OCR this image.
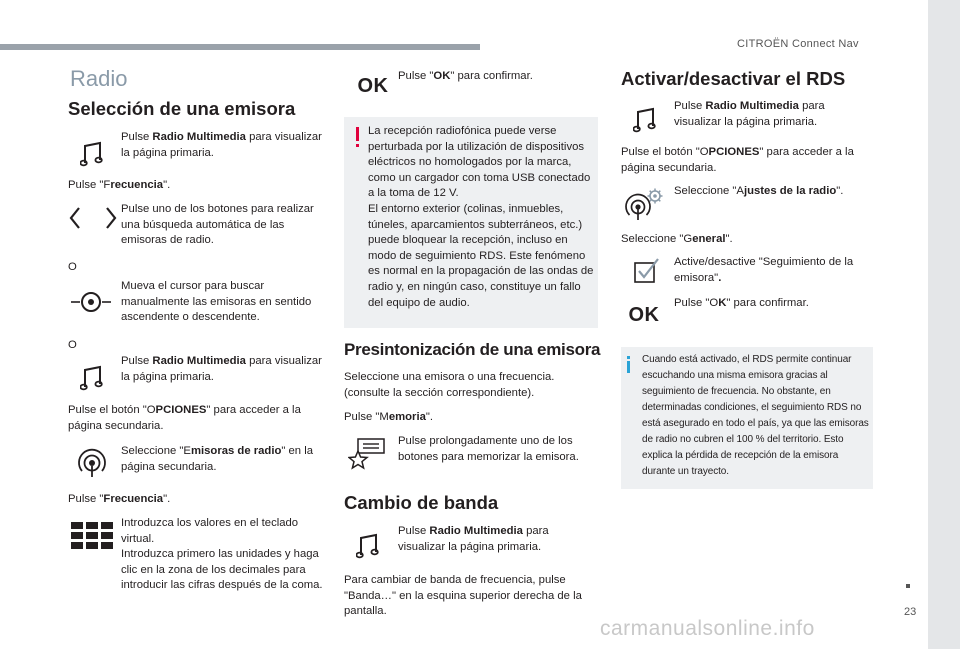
CITROËN Connect Nav
23
carmanualsonline.info
Radio
Selección de una emisora
Pulse Radio Multimedia para visualizar la página primaria.
Pulse "Frecuencia".
Pulse uno de los botones para realizar una búsqueda automática de las emisoras de radio.
O
Mueva el cursor para buscar manualmente las emisoras en sentido ascendente o descendente.
O
Pulse Radio Multimedia para visualizar la página primaria.
Pulse el botón "OPCIONES" para acceder a la página secundaria.
Seleccione "Emisoras de radio" en la página secundaria.
Pulse "Frecuencia".
Introduzca los valores en el teclado virtual.
Introduzca primero las unidades y haga clic en la zona de los decimales para introducir las cifras después de la coma.
OK Pulse "OK" para confirmar.
La recepción radiofónica puede verse perturbada por la utilización de dispositivos eléctricos no homologados por la marca, como un cargador con toma USB conectado a la toma de 12 V.
El entorno exterior (colinas, inmuebles, túneles, aparcamientos subterráneos, etc.) puede bloquear la recepción, incluso en modo de seguimiento RDS. Este fenómeno es normal en la propagación de las ondas de radio y, en ningún caso, constituye un fallo del equipo de audio.
Presintonización de una emisora
Seleccione una emisora o una frecuencia. (consulte la sección correspondiente).
Pulse "Memoria".
Pulse prolongadamente uno de los botones para memorizar la emisora.
Cambio de banda
Pulse Radio Multimedia para visualizar la página primaria.
Para cambiar de banda de frecuencia, pulse "Banda…" en la esquina superior derecha de la pantalla.
Activar/desactivar el RDS
Pulse Radio Multimedia para visualizar la página primaria.
Pulse el botón "OPCIONES" para acceder a la página secundaria.
Seleccione "Ajustes de la radio".
Seleccione "General".
Active/desactive "Seguimiento de la emisora".
OK
Pulse "OK" para confirmar.
Cuando está activado, el RDS permite continuar escuchando una misma emisora gracias al seguimiento de frecuencia. No obstante, en determinadas condiciones, el seguimiento RDS no está asegurado en todo el país, ya que las emisoras de radio no cubren el 100 % del territorio. Esto explica la pérdida de recepción de la emisora durante un trayecto.
